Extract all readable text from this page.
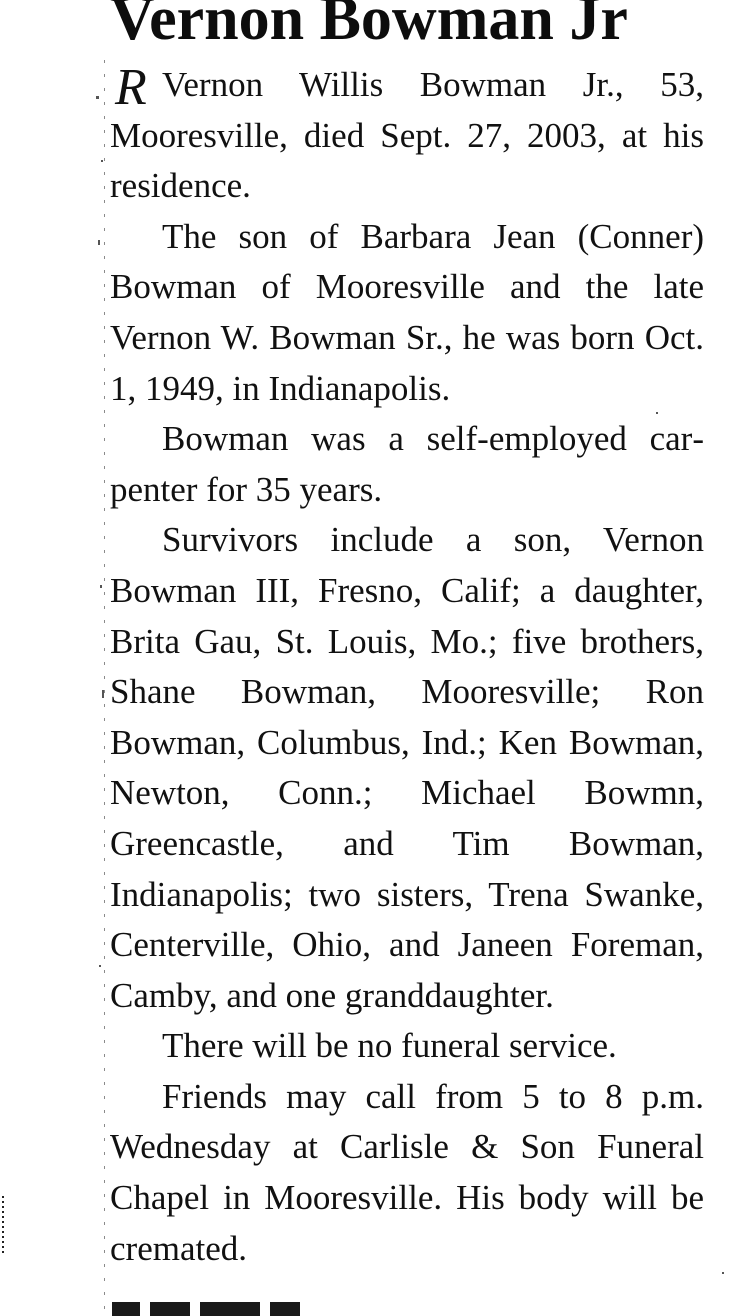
Vernon Bowman Jr

Vernon Willis Bowman Jr., 53, Mooresville, died Sept. 27, 2003, at his residence.

The son of Barbara Jean (Conner) Bowman of Mooresville and the late Vernon W. Bowman Sr., he was born Oct. 1, 1949, in Indianapolis.

Bowman was a self-employed carpenter for 35 years.

Survivors include a son, Vernon Bowman III, Fresno, Calif; a daughter, Brita Gau, St. Louis, Mo.; five brothers, Shane Bowman, Mooresville; Ron Bowman, Columbus, Ind.; Ken Bowman, Newton, Conn.; Michael Bowmn, Greencastle, and Tim Bowman, Indianapolis; two sisters, Trena Swanke, Centerville, Ohio, and Janeen Foreman, Camby, and one granddaughter.

There will be no funeral service.

Friends may call from 5 to 8 p.m. Wednesday at Carlisle & Son Funeral Chapel in Mooresville. His body will be cremated.

R
